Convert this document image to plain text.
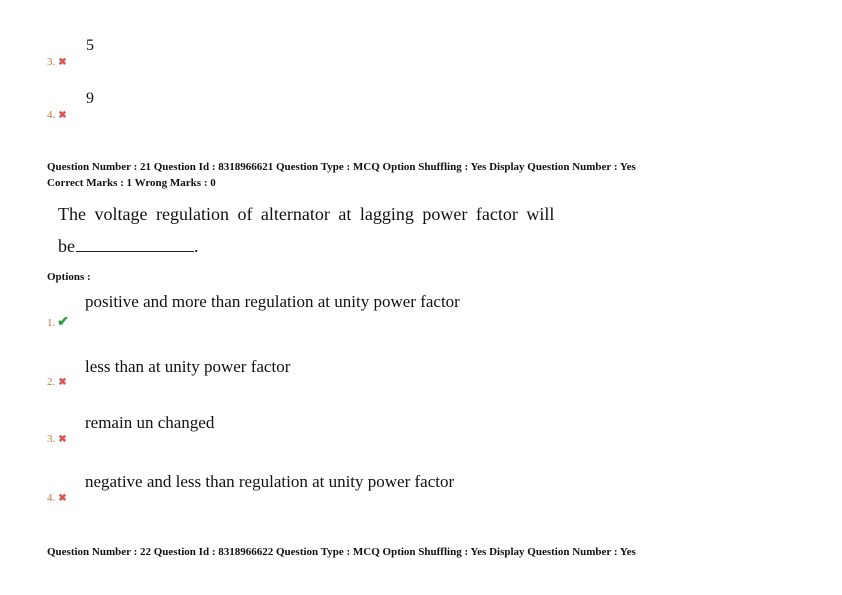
5
3. ✖
9
4. ✖
Question Number : 21 Question Id : 8318966621 Question Type : MCQ Option Shuffling : Yes Display Question Number : Yes
Correct Marks : 1 Wrong Marks : 0
The voltage regulation of alternator at lagging power factor will
be	.
Options :
positive and more than regulation at unity power factor
1. ✔
less than at unity power factor
2. ✖
remain un changed
3. ✖
negative and less than regulation at unity power factor
4. ✖
Question Number : 22 Question Id : 8318966622 Question Type : MCQ Option Shuffling : Yes Display Question Number : Yes
